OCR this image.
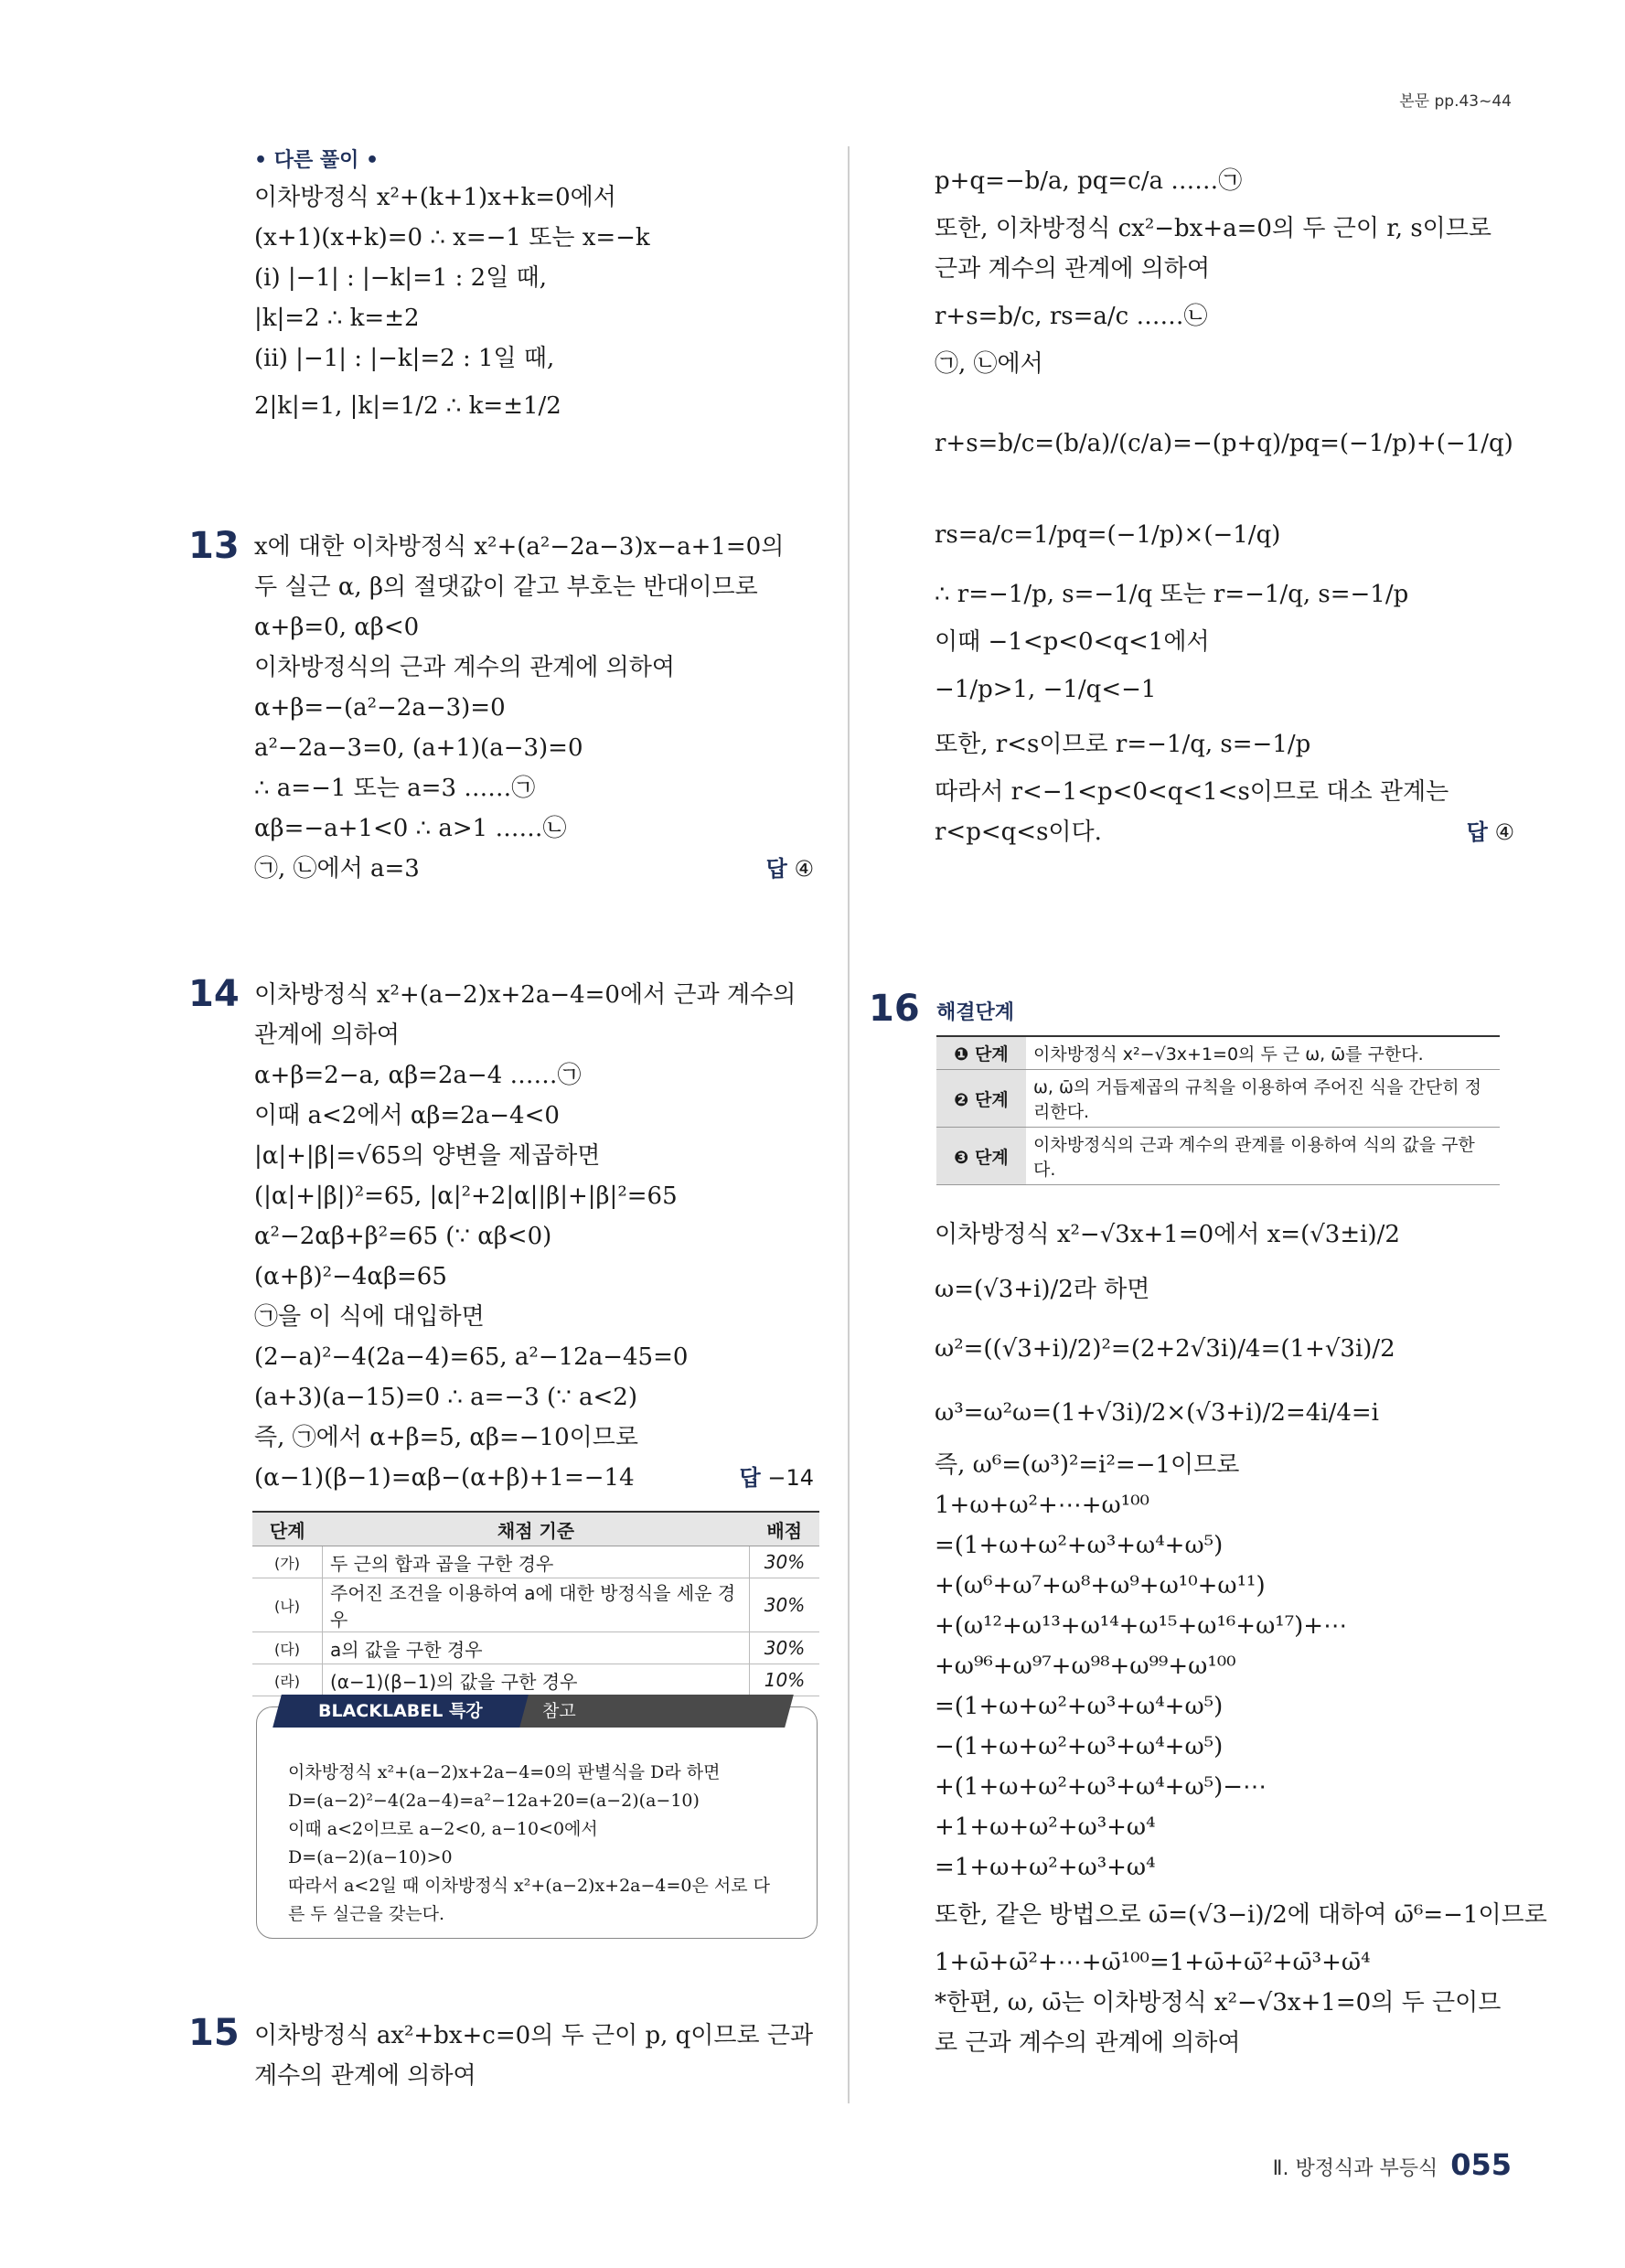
본문 pp.43~44
• 다른 풀이 •
이차방정식 x²+(k+1)x+k=0에서
(x+1)(x+k)=0 ∴ x=−1 또는 x=−k
(i) |−1| : |−k|=1 : 2일 때,
|k|=2 ∴ k=±2
(ii) |−1| : |−k|=2 : 1일 때,
2|k|=1, |k|=1/2 ∴ k=±1/2
13 x에 대한 이차방정식 x²+(a²−2a−3)x−a+1=0의
두 실근 α, β의 절댓값이 같고 부호는 반대이므로
α+β=0, αβ<0
이차방정식의 근과 계수의 관계에 의하여
α+β=−(a²−2a−3)=0
a²−2a−3=0, (a+1)(a−3)=0
∴ a=−1 또는 a=3 ……㉠
αβ=−a+1<0 ∴ a>1 ……㉡
㉠, ㉡에서 a=3	답 ④
14 이차방정식 x²+(a−2)x+2a−4=0에서 근과 계수의
관계에 의하여
α+β=2−a, αβ=2a−4 ……㉠
이때 a<2에서 αβ=2a−4<0
|α|+|β|=√65의 양변을 제곱하면
(|α|+|β|)²=65, |α|²+2|α||β|+|β|²=65
α²−2αβ+β²=65 (∵ αβ<0)
(α+β)²−4αβ=65
㉠을 이 식에 대입하면
(2−a)²−4(2a−4)=65, a²−12a−45=0
(a+3)(a−15)=0 ∴ a=−3 (∵ a<2)
즉, ㉠에서 α+β=5, αβ=−10이므로
(α−1)(β−1)=αβ−(α+β)+1=−14	답 −14
단계	채점 기준	배점
(가)	두 근의 합과 곱을 구한 경우	30%
(나)	주어진 조건을 이용하여 a에 대한 방정식을 세운 경우	30%
(다)	a의 값을 구한 경우	30%
(라)	(α−1)(β−1)의 값을 구한 경우	10%
참고
BLACKLABEL 특강
이차방정식 x²+(a−2)x+2a−4=0의 판별식을 D라 하면
D=(a−2)²−4(2a−4)=a²−12a+20=(a−2)(a−10)
이때 a<2이므로 a−2<0, a−10<0에서
D=(a−2)(a−10)>0
따라서 a<2일 때 이차방정식 x²+(a−2)x+2a−4=0은 서로 다
른 두 실근을 갖는다.
15 이차방정식 ax²+bx+c=0의 두 근이 p, q이므로 근과
계수의 관계에 의하여
p+q=−b/a, pq=c/a ……㉠
또한, 이차방정식 cx²−bx+a=0의 두 근이 r, s이므로
근과 계수의 관계에 의하여
r+s=b/c, rs=a/c ……㉡
㉠, ㉡에서
r+s=b/c=(b/a)/(c/a)=−(p+q)/pq=(−1/p)+(−1/q)
rs=a/c=1/pq=(−1/p)×(−1/q)
∴ r=−1/p, s=−1/q 또는 r=−1/q, s=−1/p
이때 −1<p<0<q<1에서
−1/p>1, −1/q<−1
또한, r<s이므로 r=−1/q, s=−1/p
따라서 r<−1<p<0<q<1<s이므로 대소 관계는
r<p<q<s이다.	답 ④
16 해결단계
❶ 단계	이차방정식 x²−√3x+1=0의 두 근 ω, ω̄를 구한다.
❷ 단계	ω, ω̄의 거듭제곱의 규칙을 이용하여 주어진 식을 간단히 정리한다.
❸ 단계	이차방정식의 근과 계수의 관계를 이용하여 식의 값을 구한다.
이차방정식 x²−√3x+1=0에서 x=(√3±i)/2
ω=(√3+i)/2라 하면
ω²=((√3+i)/2)²=(2+2√3i)/4=(1+√3i)/2
ω³=ω²ω=(1+√3i)/2×(√3+i)/2=4i/4=i
즉, ω⁶=(ω³)²=i²=−1이므로
1+ω+ω²+⋯+ω¹⁰⁰
=(1+ω+ω²+ω³+ω⁴+ω⁵)
+(ω⁶+ω⁷+ω⁸+ω⁹+ω¹⁰+ω¹¹)
+(ω¹²+ω¹³+ω¹⁴+ω¹⁵+ω¹⁶+ω¹⁷)+⋯
+ω⁹⁶+ω⁹⁷+ω⁹⁸+ω⁹⁹+ω¹⁰⁰
=(1+ω+ω²+ω³+ω⁴+ω⁵)
−(1+ω+ω²+ω³+ω⁴+ω⁵)
+(1+ω+ω²+ω³+ω⁴+ω⁵)−⋯
+1+ω+ω²+ω³+ω⁴
=1+ω+ω²+ω³+ω⁴
또한, 같은 방법으로 ω̄=(√3−i)/2에 대하여 ω̄⁶=−1이므로
1+ω̄+ω̄²+⋯+ω̄¹⁰⁰=1+ω̄+ω̄²+ω̄³+ω̄⁴
*한편, ω, ω̄는 이차방정식 x²−√3x+1=0의 두 근이므
로 근과 계수의 관계에 의하여
Ⅱ. 방정식과 부등식 055
